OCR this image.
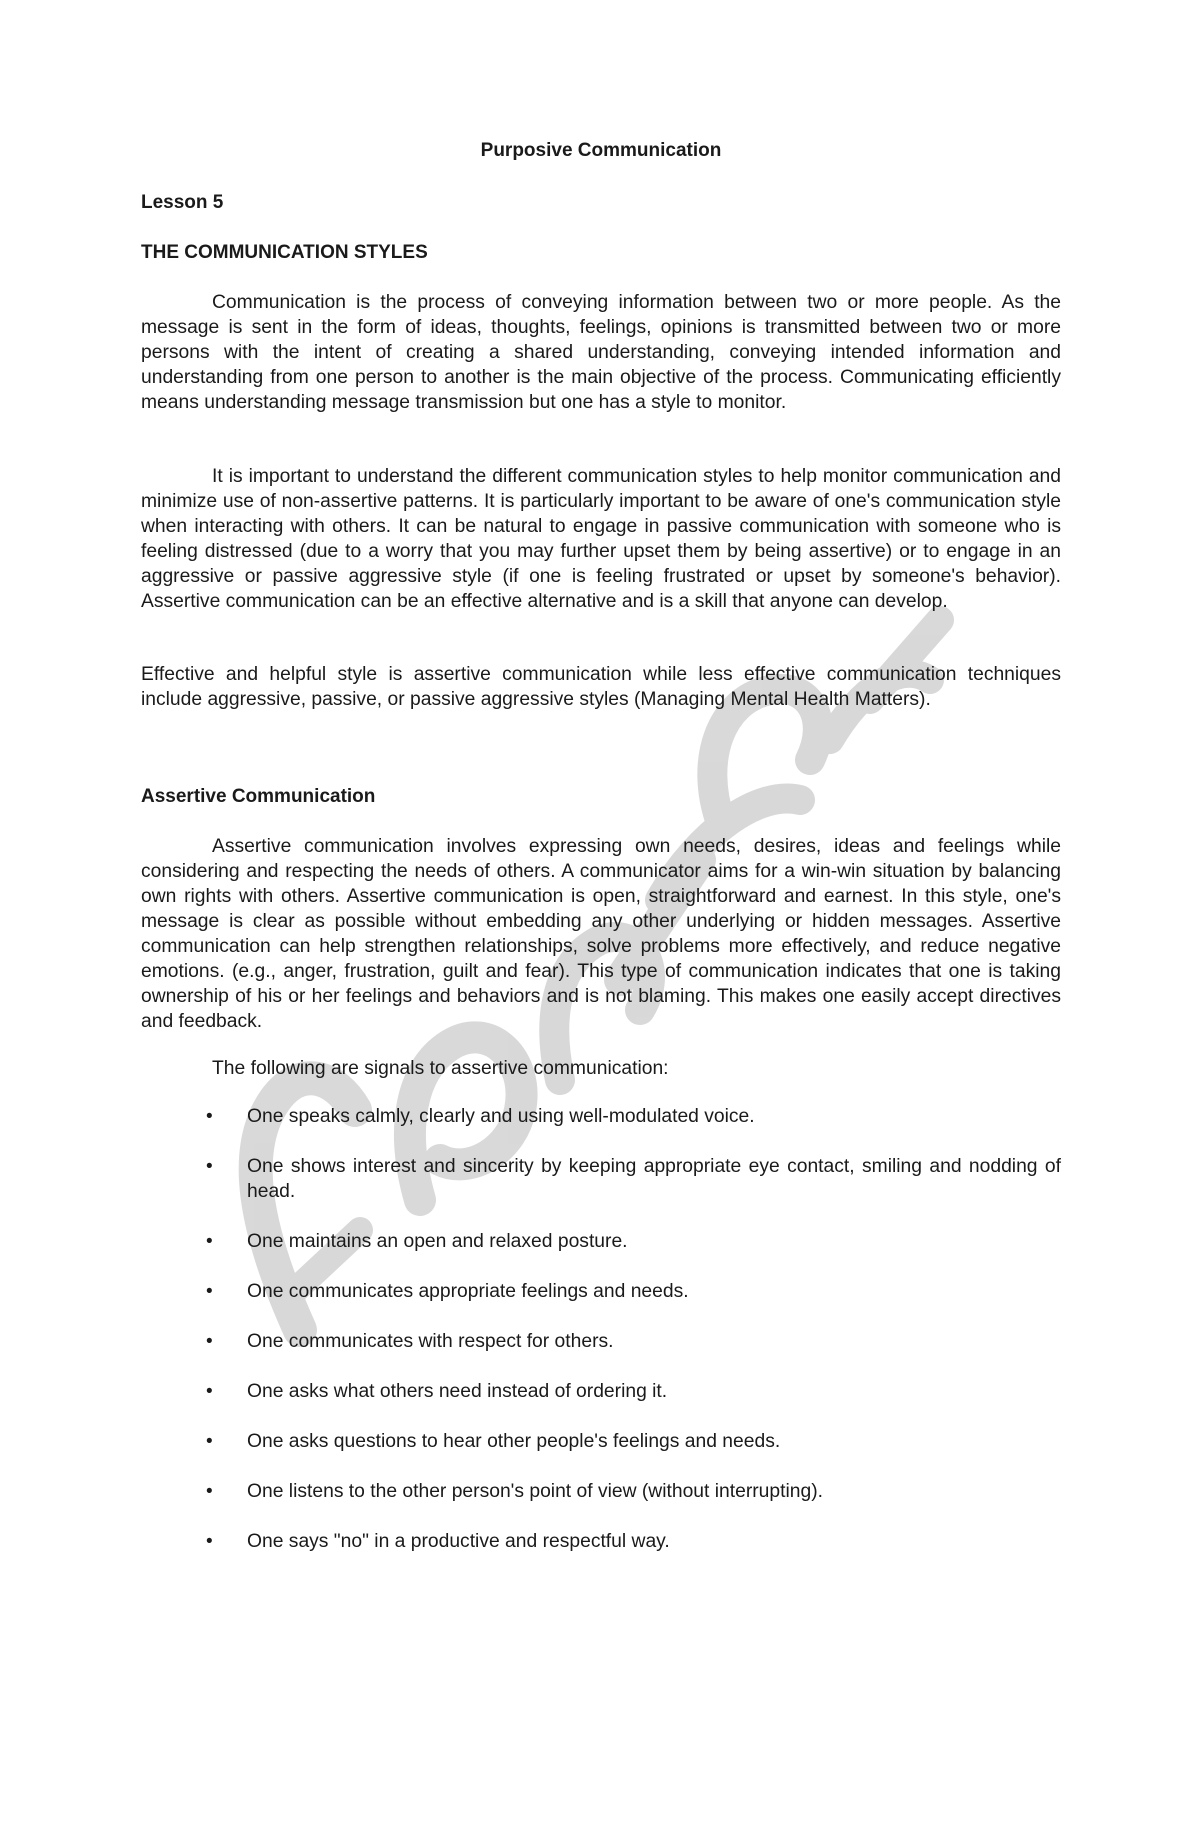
Purposive Communication
Lesson 5
THE COMMUNICATION STYLES

Communication is the process of conveying information between two or more people. As the message is sent in the form of ideas, thoughts, feelings, opinions is transmitted between two or more persons with the intent of creating a shared understanding, conveying intended information and understanding from one person to another is the main objective of the process. Communicating efficiently means understanding message transmission but one has a style to monitor.

It is important to understand the different communication styles to help monitor communication and minimize use of non-assertive patterns. It is particularly important to be aware of one's communication style when interacting with others. It can be natural to engage in passive communication with someone who is feeling distressed (due to a worry that you may further upset them by being assertive) or to engage in an aggressive or passive aggressive style (if one is feeling frustrated or upset by someone's behavior). Assertive communication can be an effective alternative and is a skill that anyone can develop.

Effective and helpful style is assertive communication while less effective communication techniques include aggressive, passive, or passive aggressive styles (Managing Mental Health Matters).

Assertive Communication

Assertive communication involves expressing own needs, desires, ideas and feelings while considering and respecting the needs of others. A communicator aims for a win-win situation by balancing own rights with others. Assertive communication is open, straightforward and earnest. In this style, one's message is clear as possible without embedding any other underlying or hidden messages. Assertive communication can help strengthen relationships, solve problems more effectively, and reduce negative emotions. (e.g., anger, frustration, guilt and fear). This type of communication indicates that one is taking ownership of his or her feelings and behaviors and is not blaming. This makes one easily accept directives and feedback.

The following are signals to assertive communication:

• One speaks calmly, clearly and using well-modulated voice.
• One shows interest and sincerity by keeping appropriate eye contact, smiling and nodding of head.
• One maintains an open and relaxed posture.
• One communicates appropriate feelings and needs.
• One communicates with respect for others.
• One asks what others need instead of ordering it.
• One asks questions to hear other people's feelings and needs.
• One listens to the other person's point of view (without interrupting).
• One says "no" in a productive and respectful way.
